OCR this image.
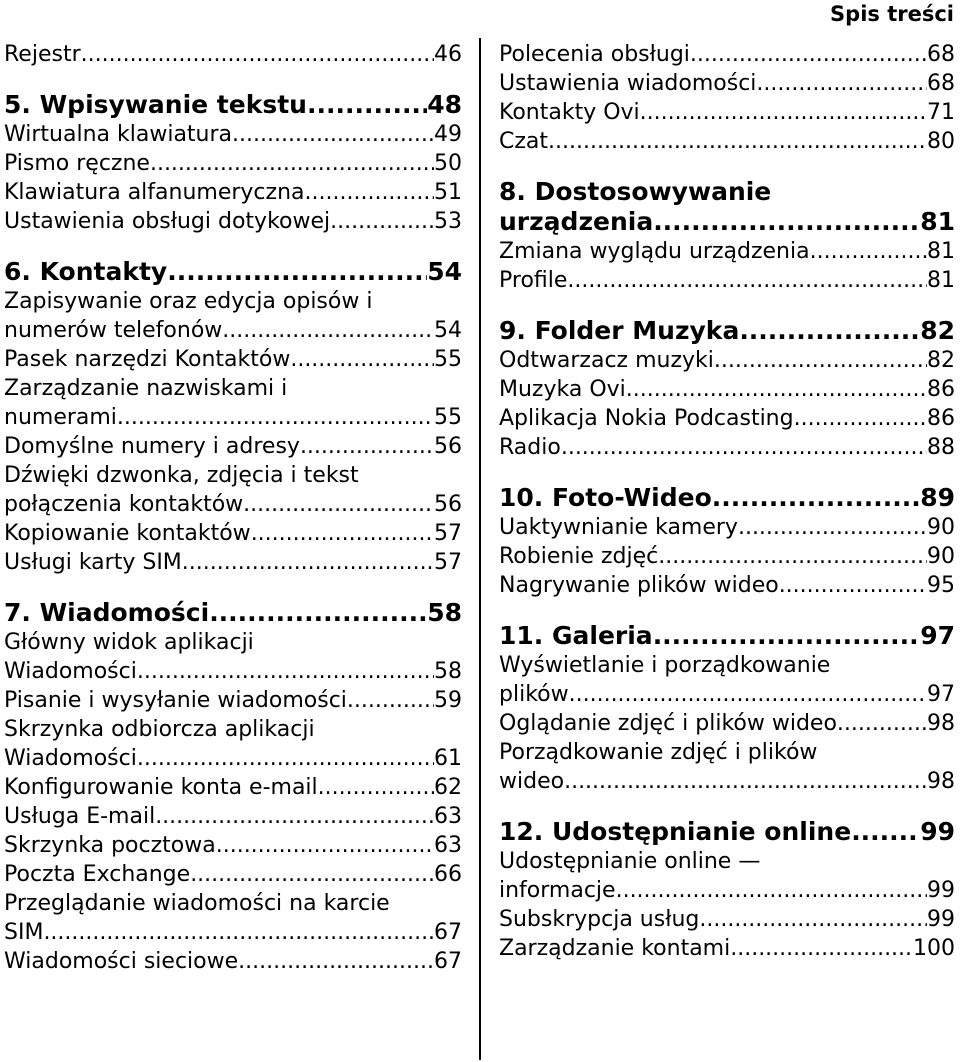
Spis treści
Rejestr .....	46
5. Wpisywanie tekstu .....	48
Wirtualna klawiatura .....	49
Pismo ręczne .....	50
Klawiatura alfanumeryczna .....	51
Ustawienia obsługi dotykowej .....	53
6. Kontakty .....	54
Zapisywanie oraz edycja opisów i
numerów telefonów .....	54
Pasek narzędzi Kontaktów .....	55
Zarządzanie nazwiskami i
numerami .....	55
Domyślne numery i adresy .....	56
Dźwięki dzwonka, zdjęcia i tekst
połączenia kontaktów .....	56
Kopiowanie kontaktów .....	57
Usługi karty SIM .....	57
7. Wiadomości .....	58
Główny widok aplikacji
Wiadomości .....	58
Pisanie i wysyłanie wiadomości .....	59
Skrzynka odbiorcza aplikacji
Wiadomości .....	61
Konfigurowanie konta e-mail .....	62
Usługa E-mail .....	63
Skrzynka pocztowa .....	63
Poczta Exchange .....	66
Przeglądanie wiadomości na karcie
SIM .....	67
Wiadomości sieciowe .....	67
Polecenia obsługi .....	68
Ustawienia wiadomości .....	68
Kontakty Ovi .....	71
Czat .....	80
8. Dostosowywanie
urządzenia .....	81
Zmiana wyglądu urządzenia .....	81
Profile .....	81
9. Folder Muzyka .....	82
Odtwarzacz muzyki .....	82
Muzyka Ovi .....	86
Aplikacja Nokia Podcasting .....	86
Radio .....	88
10. Foto-Wideo .....	89
Uaktywnianie kamery .....	90
Robienie zdjęć .....	90
Nagrywanie plików wideo .....	95
11. Galeria .....	97
Wyświetlanie i porządkowanie
plików .....	97
Oglądanie zdjęć i plików wideo .....	98
Porządkowanie zdjęć i plików
wideo .....	98
12. Udostępnianie online .....	99
Udostępnianie online —
informacje .....	99
Subskrypcja usług .....	99
Zarządzanie kontami .....	100
